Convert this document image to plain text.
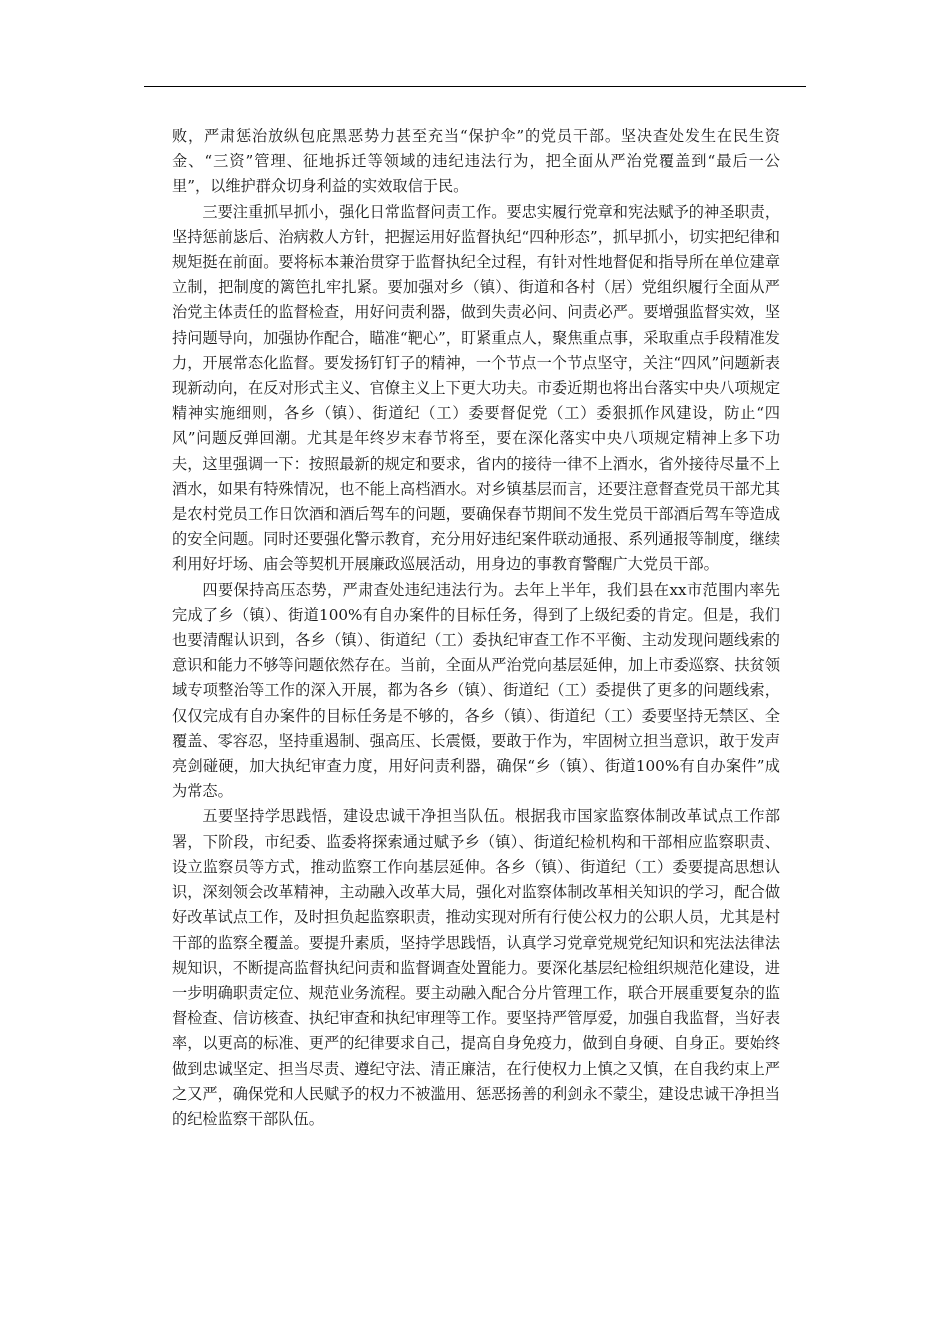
败，严肃惩治放纵包庇黑恶势力甚至充当“保护伞”的党员干部。坚决查处发生在民生资金、“三资”管理、征地拆迁等领域的违纪违法行为，把全面从严治党覆盖到“最后一公里”，以维护群众切身利益的实效取信于民。

三要注重抓早抓小，强化日常监督问责工作。要忠实履行党章和宪法赋予的神圣职责，坚持惩前毖后、治病救人方针，把握运用好监督执纪“四种形态”，抓早抓小，切实把纪律和规矩挺在前面。要将标本兼治贯穿于监督执纪全过程，有针对性地督促和指导所在单位建章立制，把制度的篱笆扎牢扎紧。要加强对乡（镇）、街道和各村（居）党组织履行全面从严治党主体责任的监督检查，用好问责利器，做到失责必问、问责必严。要增强监督实效，坚持问题导向，加强协作配合，瞄准“靶心”，盯紧重点人，聚焦重点事，采取重点手段精准发力，开展常态化监督。要发扬钉钉子的精神，一个节点一个节点坚守，关注“四风”问题新表现新动向，在反对形式主义、官僚主义上下更大功夫。市委近期也将出台落实中央八项规定精神实施细则，各乡（镇）、街道纪（工）委要督促党（工）委狠抓作风建设，防止“四风”问题反弹回潮。尤其是年终岁末春节将至，要在深化落实中央八项规定精神上多下功夫，这里强调一下：按照最新的规定和要求，省内的接待一律不上酒水，省外接待尽量不上酒水，如果有特殊情况，也不能上高档酒水。对乡镇基层而言，还要注意督查党员干部尤其是农村党员工作日饮酒和酒后驾车的问题，要确保春节期间不发生党员干部酒后驾车等造成的安全问题。同时还要强化警示教育，充分用好违纪案件联动通报、系列通报等制度，继续利用好圩场、庙会等契机开展廉政巡展活动，用身边的事教育警醒广大党员干部。

四要保持高压态势，严肃查处违纪违法行为。去年上半年，我们县在xx市范围内率先完成了乡（镇）、街道100%有自办案件的目标任务，得到了上级纪委的肯定。但是，我们也要清醒认识到，各乡（镇）、街道纪（工）委执纪审查工作不平衡、主动发现问题线索的意识和能力不够等问题依然存在。当前，全面从严治党向基层延伸，加上市委巡察、扶贫领域专项整治等工作的深入开展，都为各乡（镇）、街道纪（工）委提供了更多的问题线索，仅仅完成有自办案件的目标任务是不够的，各乡（镇）、街道纪（工）委要坚持无禁区、全覆盖、零容忍，坚持重遏制、强高压、长震慑，要敢于作为，牢固树立担当意识，敢于发声亮剑碰硬，加大执纪审查力度，用好问责利器，确保“乡（镇）、街道100%有自办案件”成为常态。

五要坚持学思践悟，建设忠诚干净担当队伍。根据我市国家监察体制改革试点工作部署，下阶段，市纪委、监委将探索通过赋予乡（镇）、街道纪检机构和干部相应监察职责、设立监察员等方式，推动监察工作向基层延伸。各乡（镇）、街道纪（工）委要提高思想认识，深刻领会改革精神，主动融入改革大局，强化对监察体制改革相关知识的学习，配合做好改革试点工作，及时担负起监察职责，推动实现对所有行使公权力的公职人员，尤其是村干部的监察全覆盖。要提升素质，坚持学思践悟，认真学习党章党规党纪知识和宪法法律法规知识，不断提高监督执纪问责和监督调查处置能力。要深化基层纪检组织规范化建设，进一步明确职责定位、规范业务流程。要主动融入配合分片管理工作，联合开展重要复杂的监督检查、信访核查、执纪审查和执纪审理等工作。要坚持严管厚爱，加强自我监督，当好表率，以更高的标准、更严的纪律要求自己，提高自身免疫力，做到自身硬、自身正。要始终做到忠诚坚定、担当尽责、遵纪守法、清正廉洁，在行使权力上慎之又慎，在自我约束上严之又严，确保党和人民赋予的权力不被滥用、惩恶扬善的利剑永不蒙尘，建设忠诚干净担当的纪检监察干部队伍。
